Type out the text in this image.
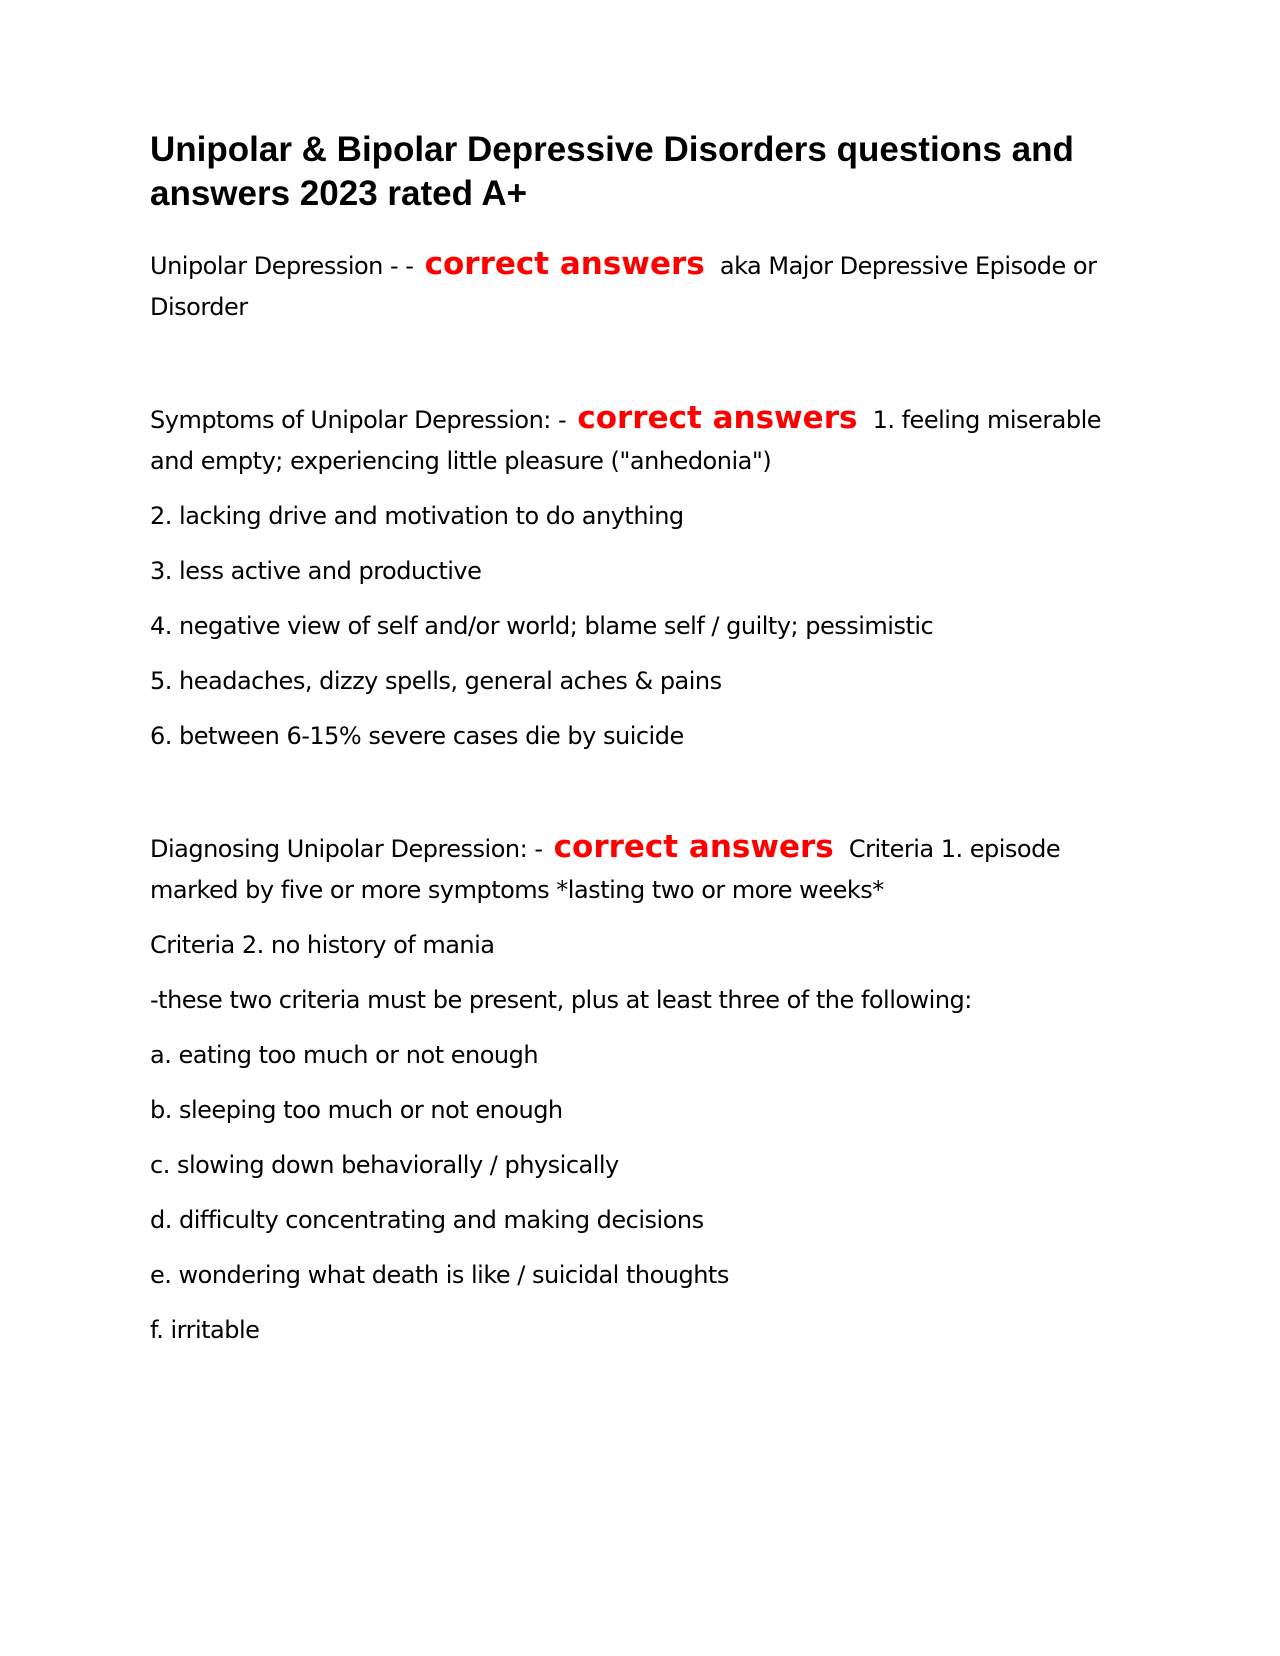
Unipolar & Bipolar Depressive Disorders questions and answers 2023 rated A+

Unipolar Depression - - correct answers aka Major Depressive Episode or Disorder

Symptoms of Unipolar Depression: - correct answers 1. feeling miserable and empty; experiencing little pleasure ("anhedonia")

2. lacking drive and motivation to do anything

3. less active and productive

4. negative view of self and/or world; blame self / guilty; pessimistic

5. headaches, dizzy spells, general aches & pains

6. between 6-15% severe cases die by suicide

Diagnosing Unipolar Depression: - correct answers Criteria 1. episode marked by five or more symptoms *lasting two or more weeks*

Criteria 2. no history of mania

-these two criteria must be present, plus at least three of the following:

a. eating too much or not enough

b. sleeping too much or not enough

c. slowing down behaviorally / physically

d. difficulty concentrating and making decisions

e. wondering what death is like / suicidal thoughts

f. irritable
